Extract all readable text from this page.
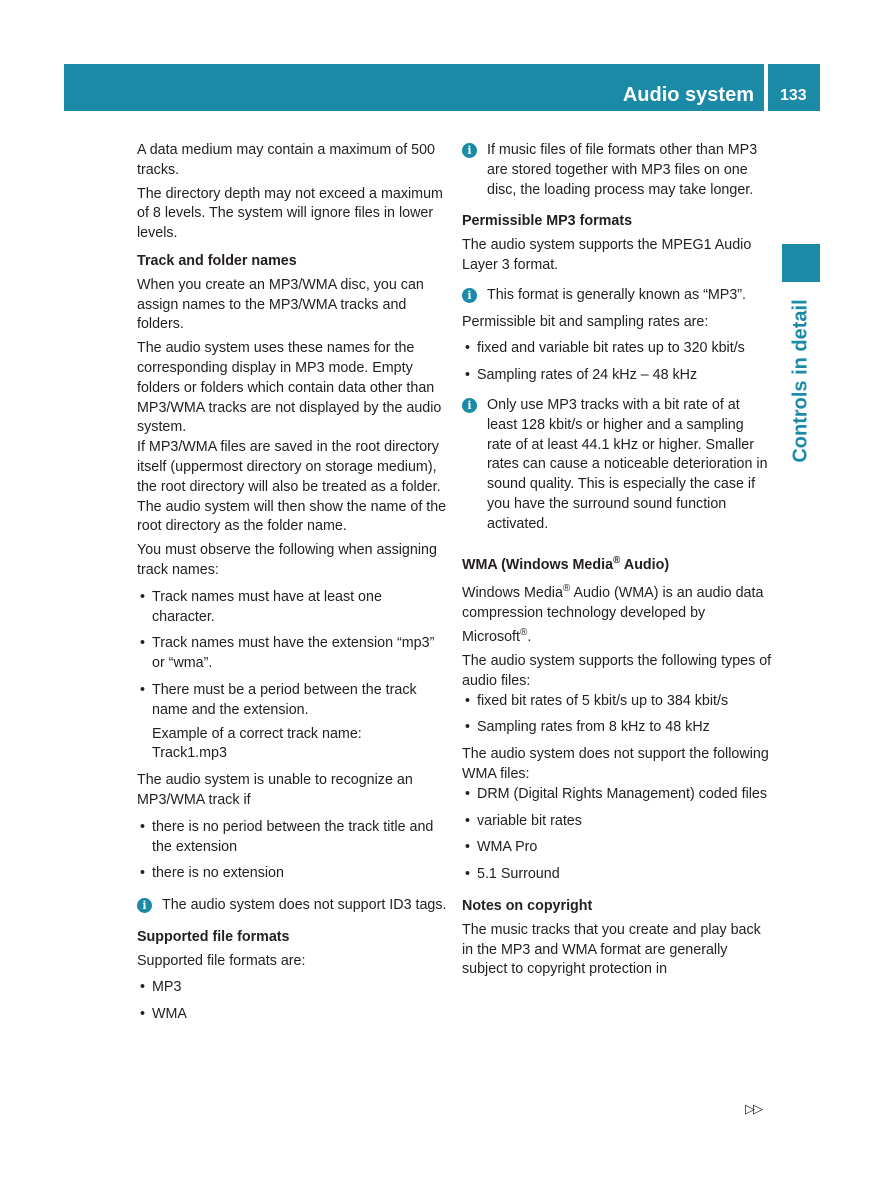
Audio system 133
Controls in detail

A data medium may contain a maximum of 500 tracks.

The directory depth may not exceed a maximum of 8 levels. The system will ignore files in lower levels.

Track and folder names

When you create an MP3/WMA disc, you can assign names to the MP3/WMA tracks and folders.

The audio system uses these names for the corresponding display in MP3 mode. Empty folders or folders which contain data other than MP3/WMA tracks are not displayed by the audio system.

If MP3/WMA files are saved in the root directory itself (uppermost directory on storage medium), the root directory will also be treated as a folder. The audio system will then show the name of the root directory as the folder name.

You must observe the following when assigning track names:

• Track names must have at least one character.
• Track names must have the extension “mp3” or “wma”.
• There must be a period between the track name and the extension.
Example of a correct track name:
Track1.mp3

The audio system is unable to recognize an MP3/WMA track if

• there is no period between the track title and the extension
• there is no extension
i	The audio system does not support ID3 tags.
Supported file formats

Supported file formats are:

• MP3
• WMA
i	If music files of file formats other than MP3 are stored together with MP3 files on one disc, the loading process may take longer.
Permissible MP3 formats

The audio system supports the MPEG1 Audio Layer 3 format.

i	This format is generally known as “MP3”.

Permissible bit and sampling rates are:

• fixed and variable bit rates up to 320 kbit/s
• Sampling rates of 24 kHz – 48 kHz
i	Only use MP3 tracks with a bit rate of at least 128 kbit/s or higher and a sampling rate of at least 44.1 kHz or higher. Smaller rates can cause a noticeable deterioration in sound quality. This is especially the case if you have the surround sound function activated.
WMA (Windows Media® Audio)

Windows Media® Audio (WMA) is an audio data compression technology developed by Microsoft®.

The audio system supports the following types of audio files:

• fixed bit rates of 5 kbit/s up to 384 kbit/s
• Sampling rates from 8 kHz to 48 kHz

The audio system does not support the following WMA files:

• DRM (Digital Rights Management) coded files
• variable bit rates
• WMA Pro
• 5.1 Surround
Notes on copyright

The music tracks that you create and play back in the MP3 and WMA format are generally subject to copyright protection in

▷▷
